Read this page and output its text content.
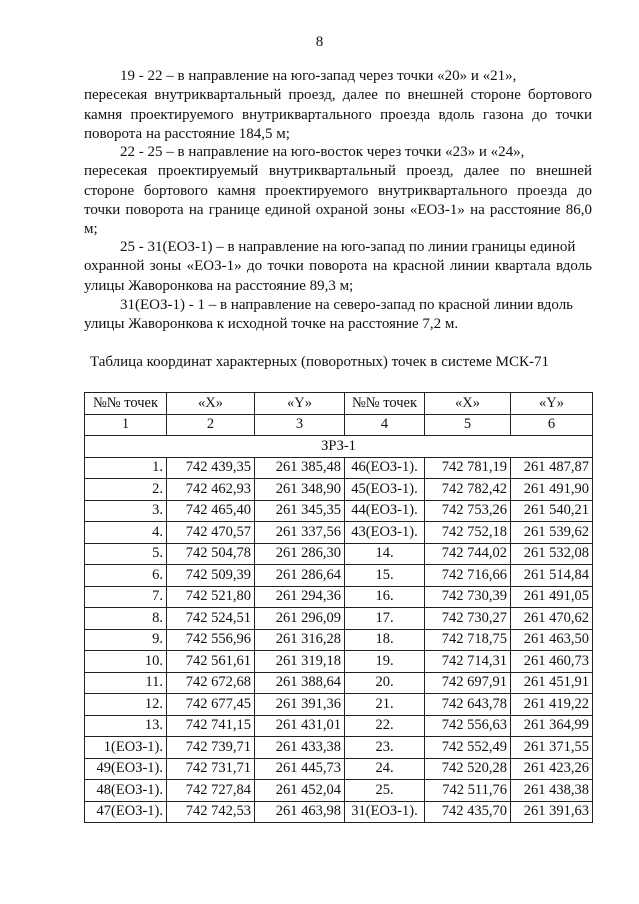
8

19 - 22 – в направление на юго-запад через точки «20» и «21»,
пересекая внутриквартальный проезд, далее по внешней стороне бортового камня проектируемого внутриквартального проезда вдоль газона до точки поворота на расстояние 184,5 м;

22 - 25 – в направление на юго-восток через точки «23» и «24»,
пересекая проектируемый внутриквартальный проезд, далее по внешней стороне бортового камня проектируемого внутриквартального проезда до точки поворота на границе единой охраной зоны «ЕОЗ-1» на расстояние 86,0 м;

25 - 31(ЕОЗ-1) – в направление на юго-запад по линии границы единой
охранной зоны «ЕОЗ-1» до точки поворота на красной линии квартала вдоль улицы Жаворонкова на расстояние 89,3 м;

31(ЕОЗ-1) - 1 – в направление на северо-запад по красной линии вдоль
улицы Жаворонкова к исходной точке на расстояние 7,2 м.

Таблица координат характерных (поворотных) точек в системе МСК-71
№№ точек	«X»	«Y»	№№ точек	«X»	«Y»
1	2	3	4	5	6
ЗРЗ-1					
1.	742 439,35	261 385,48	46(ЕОЗ-1).	742 781,19	261 487,87
2.	742 462,93	261 348,90	45(ЕОЗ-1).	742 782,42	261 491,90
3.	742 465,40	261 345,35	44(ЕОЗ-1).	742 753,26	261 540,21
4.	742 470,57	261 337,56	43(ЕОЗ-1).	742 752,18	261 539,62
5.	742 504,78	261 286,30	14.	742 744,02	261 532,08
6.	742 509,39	261 286,64	15.	742 716,66	261 514,84
7.	742 521,80	261 294,36	16.	742 730,39	261 491,05
8.	742 524,51	261 296,09	17.	742 730,27	261 470,62
9.	742 556,96	261 316,28	18.	742 718,75	261 463,50
10.	742 561,61	261 319,18	19.	742 714,31	261 460,73
11.	742 672,68	261 388,64	20.	742 697,91	261 451,91
12.	742 677,45	261 391,36	21.	742 643,78	261 419,22
13.	742 741,15	261 431,01	22.	742 556,63	261 364,99
1(ЕОЗ-1).	742 739,71	261 433,38	23.	742 552,49	261 371,55
49(ЕОЗ-1).	742 731,71	261 445,73	24.	742 520,28	261 423,26
48(ЕОЗ-1).	742 727,84	261 452,04	25.	742 511,76	261 438,38
47(ЕОЗ-1).	742 742,53	261 463,98	31(ЕОЗ-1).	742 435,70	261 391,63
